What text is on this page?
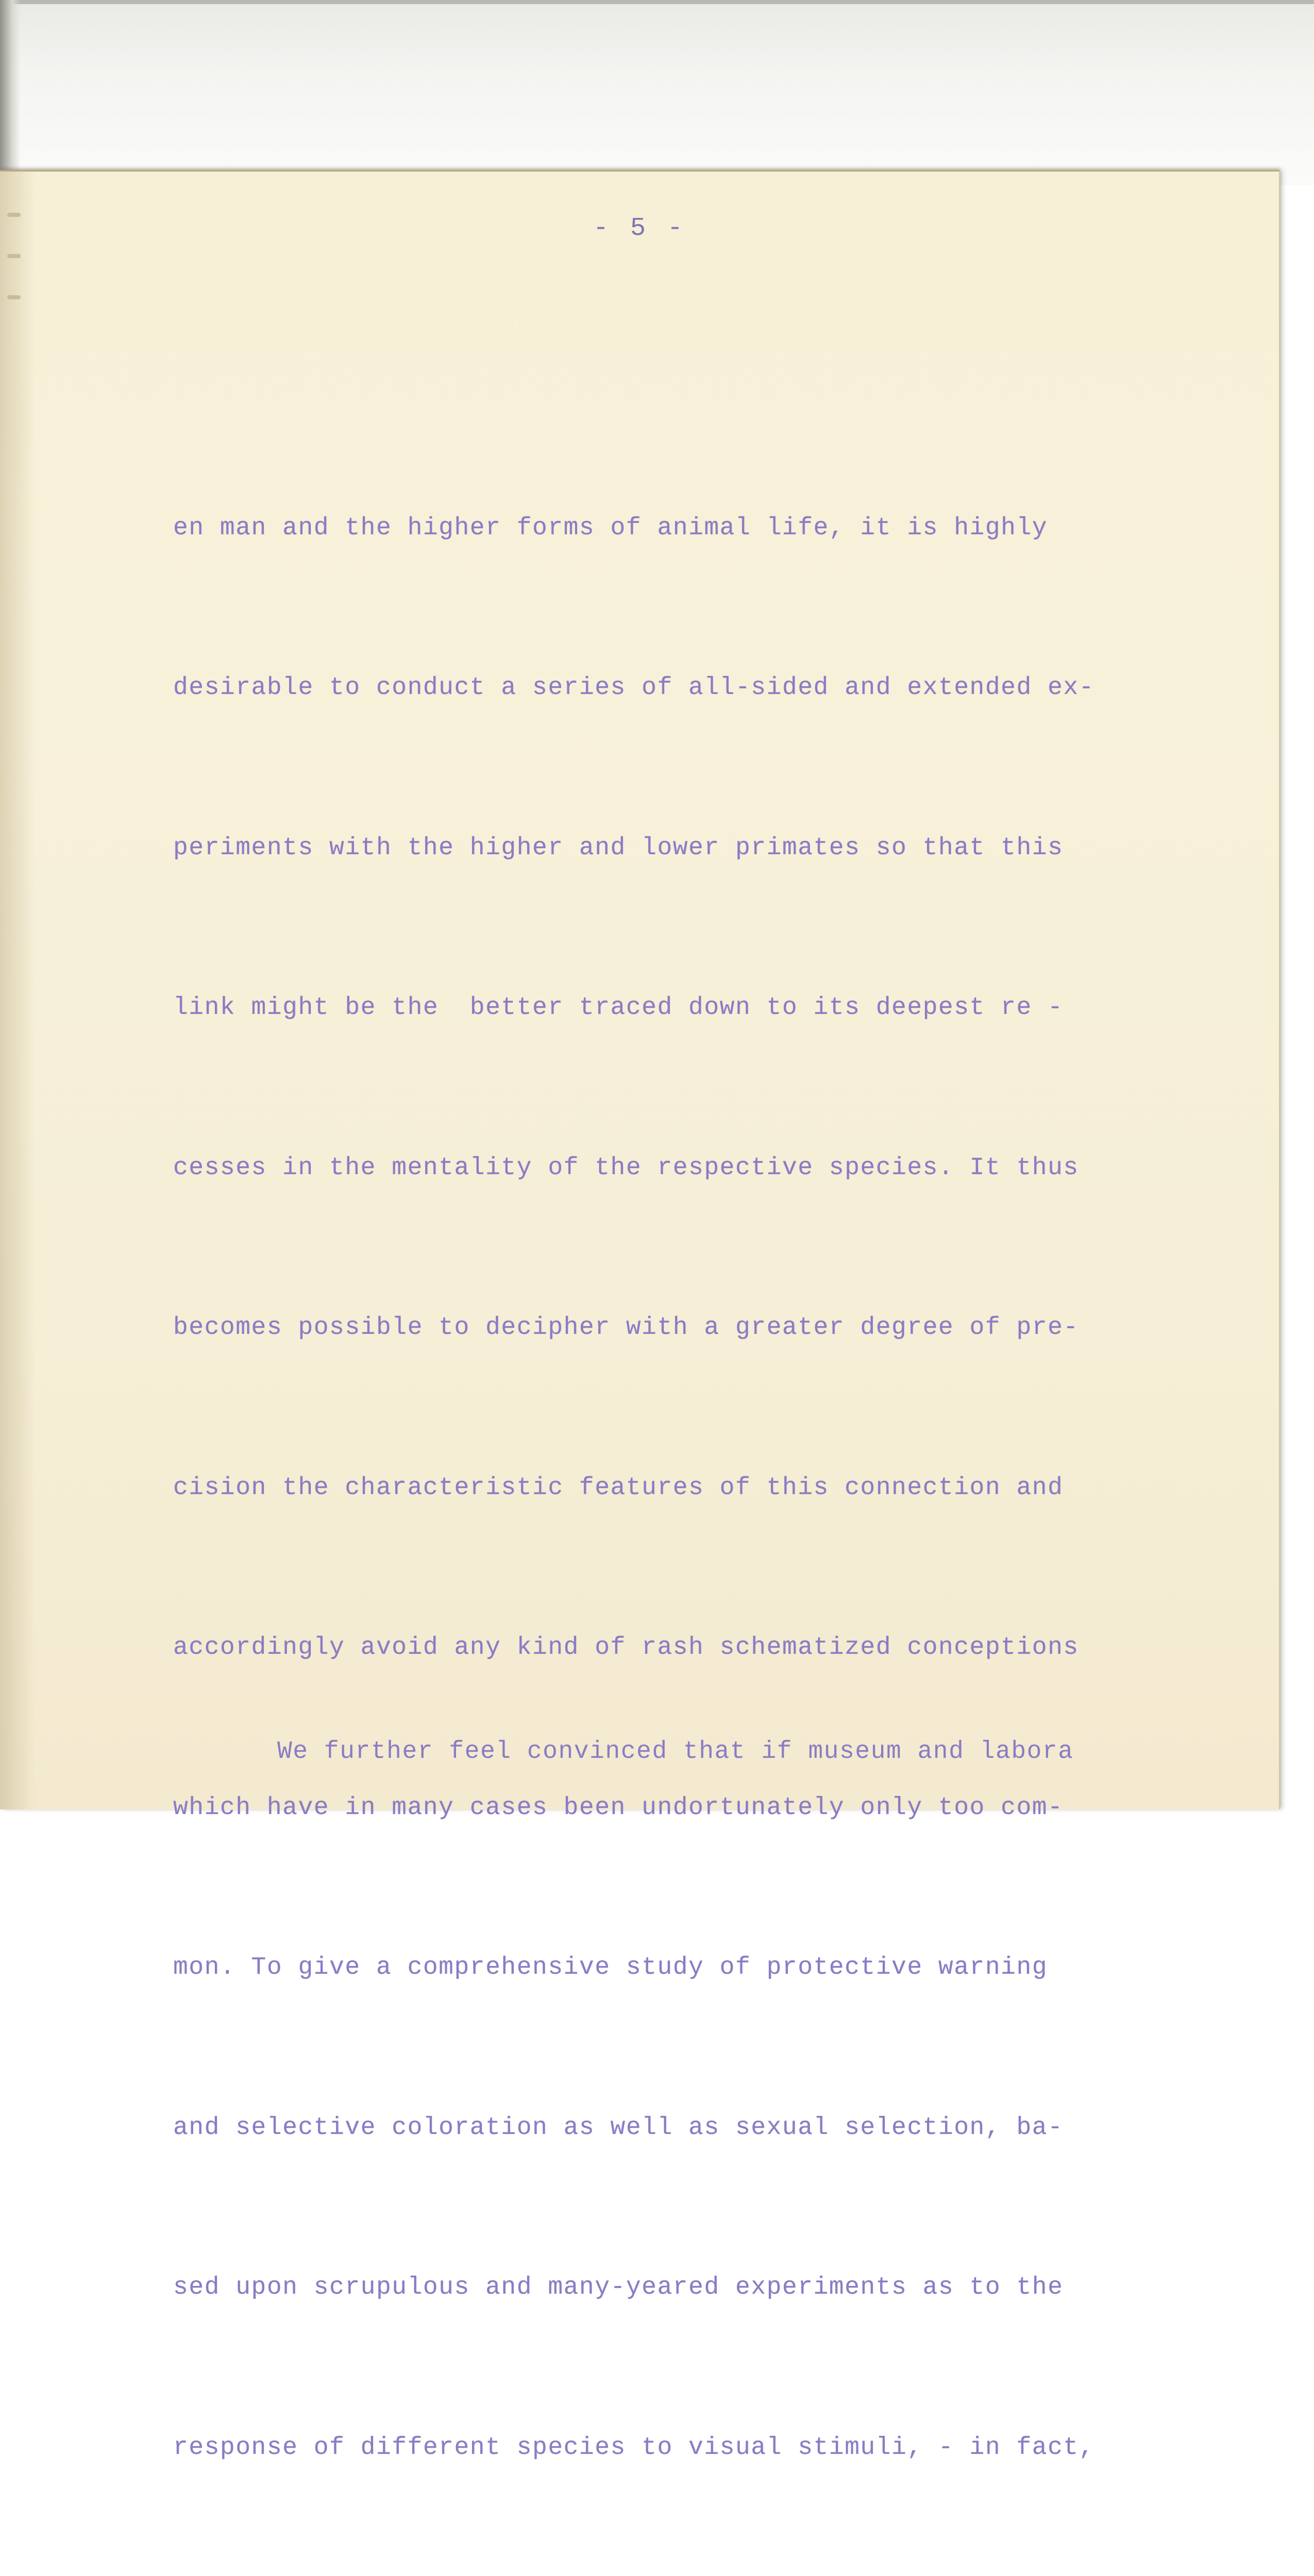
- 5 -

en man and the higher forms of animal life, it is highly

desirable to conduct a series of all-sided and extended ex-

periments with the higher and lower primates so that this

link might be the  better traced down to its deepest re -

cesses in the mentality of the respective species. It thus

becomes possible to decipher with a greater degree of pre-

cision the characteristic features of this connection and

accordingly avoid any kind of rash schematized conceptions

which have in many cases been undortunately only too com-

mon. To give a comprehensive study of protective warning

and selective coloration as well as sexual selection, ba-

sed upon scrupulous and many-yeared experiments as to the

response of different species to visual stimuli, - in fact,

We further feel convinced that if museum and labora
